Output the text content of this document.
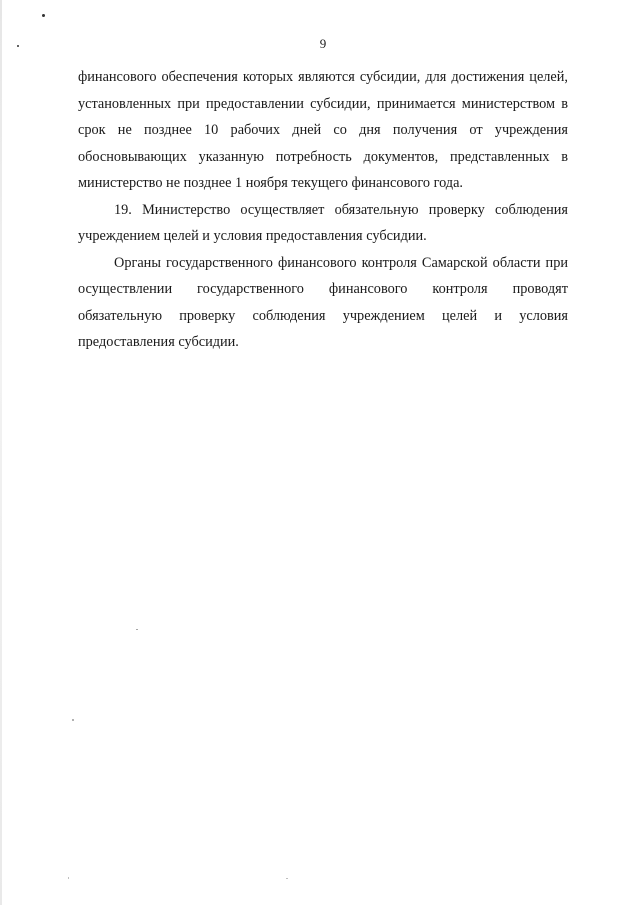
9

финансового обеспечения которых являются субсидии, для достижения целей, установленных при предоставлении субсидии, принимается министерством в срок не позднее 10 рабочих дней со дня получения от учреждения обосновывающих указанную потребность документов, представленных в министерство не позднее 1 ноября текущего финансового года.

19. Министерство осуществляет обязательную проверку соблюдения учреждением целей и условия предоставления субсидии.

Органы государственного финансового контроля Самарской области при осуществлении государственного финансового контроля проводят обязательную проверку соблюдения учреждением целей и условия предоставления субсидии.
